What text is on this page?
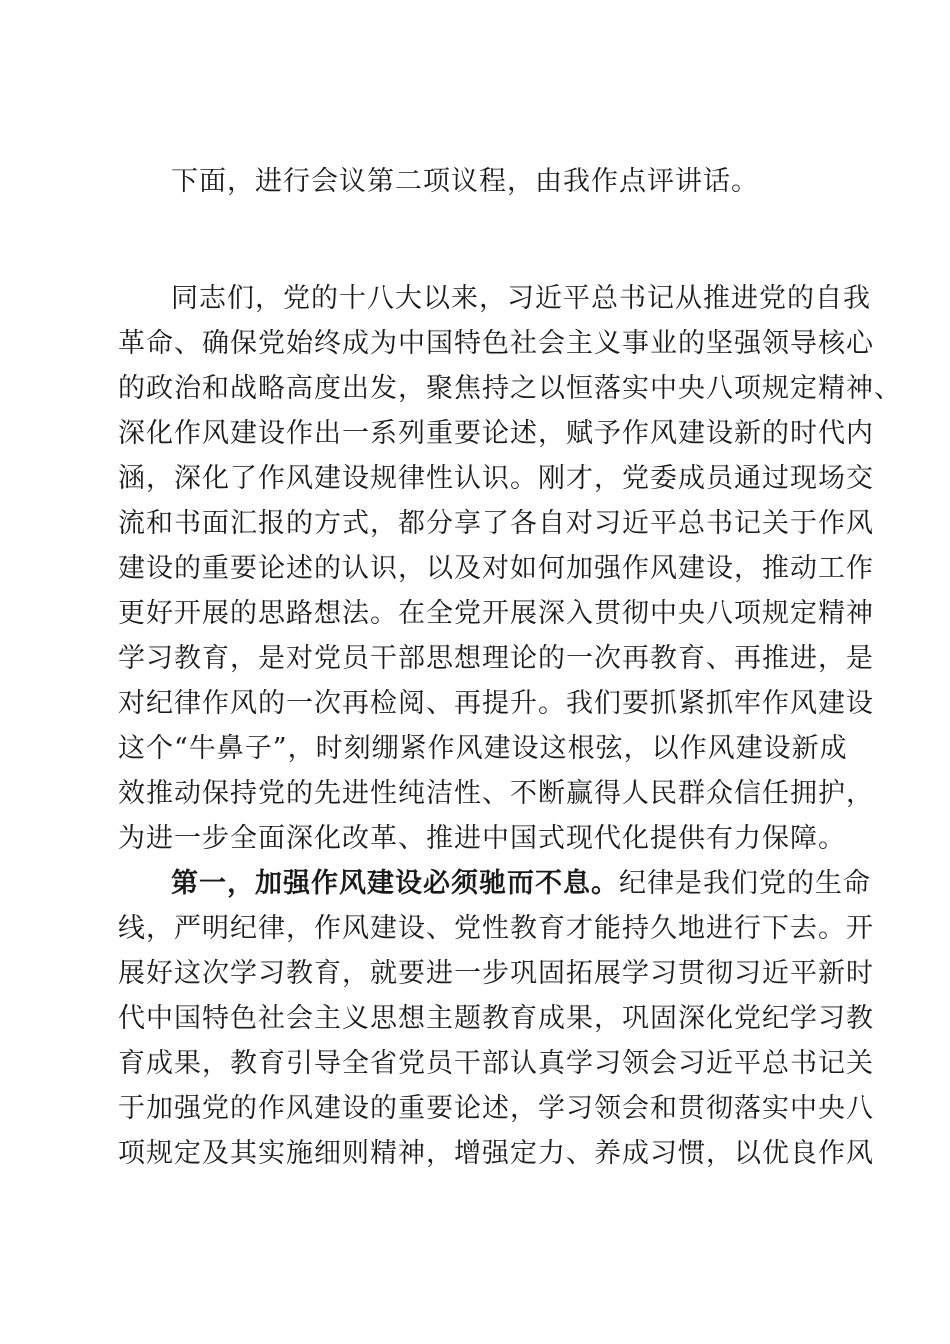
下面，进行会议第二项议程，由我作点评讲话。
同志们，党的十八大以来，习近平总书记从推进党的自我
革命、确保党始终成为中国特色社会主义事业的坚强领导核心
的政治和战略高度出发，聚焦持之以恒落实中央八项规定精神、
深化作风建设作出一系列重要论述，赋予作风建设新的时代内
涵，深化了作风建设规律性认识。刚才，党委成员通过现场交
流和书面汇报的方式，都分享了各自对习近平总书记关于作风
建设的重要论述的认识，以及对如何加强作风建设，推动工作
更好开展的思路想法。在全党开展深入贯彻中央八项规定精神
学习教育，是对党员干部思想理论的一次再教育、再推进，是
对纪律作风的一次再检阅、再提升。我们要抓紧抓牢作风建设
这个“牛鼻子”，时刻绷紧作风建设这根弦，以作风建设新成
效推动保持党的先进性纯洁性、不断赢得人民群众信任拥护，
为进一步全面深化改革、推进中国式现代化提供有力保障。
第一，加强作风建设必须驰而不息。纪律是我们党的生命
线，严明纪律，作风建设、党性教育才能持久地进行下去。开
展好这次学习教育，就要进一步巩固拓展学习贯彻习近平新时
代中国特色社会主义思想主题教育成果，巩固深化党纪学习教
育成果，教育引导全省党员干部认真学习领会习近平总书记关
于加强党的作风建设的重要论述，学习领会和贯彻落实中央八
项规定及其实施细则精神，增强定力、养成习惯，以优良作风
